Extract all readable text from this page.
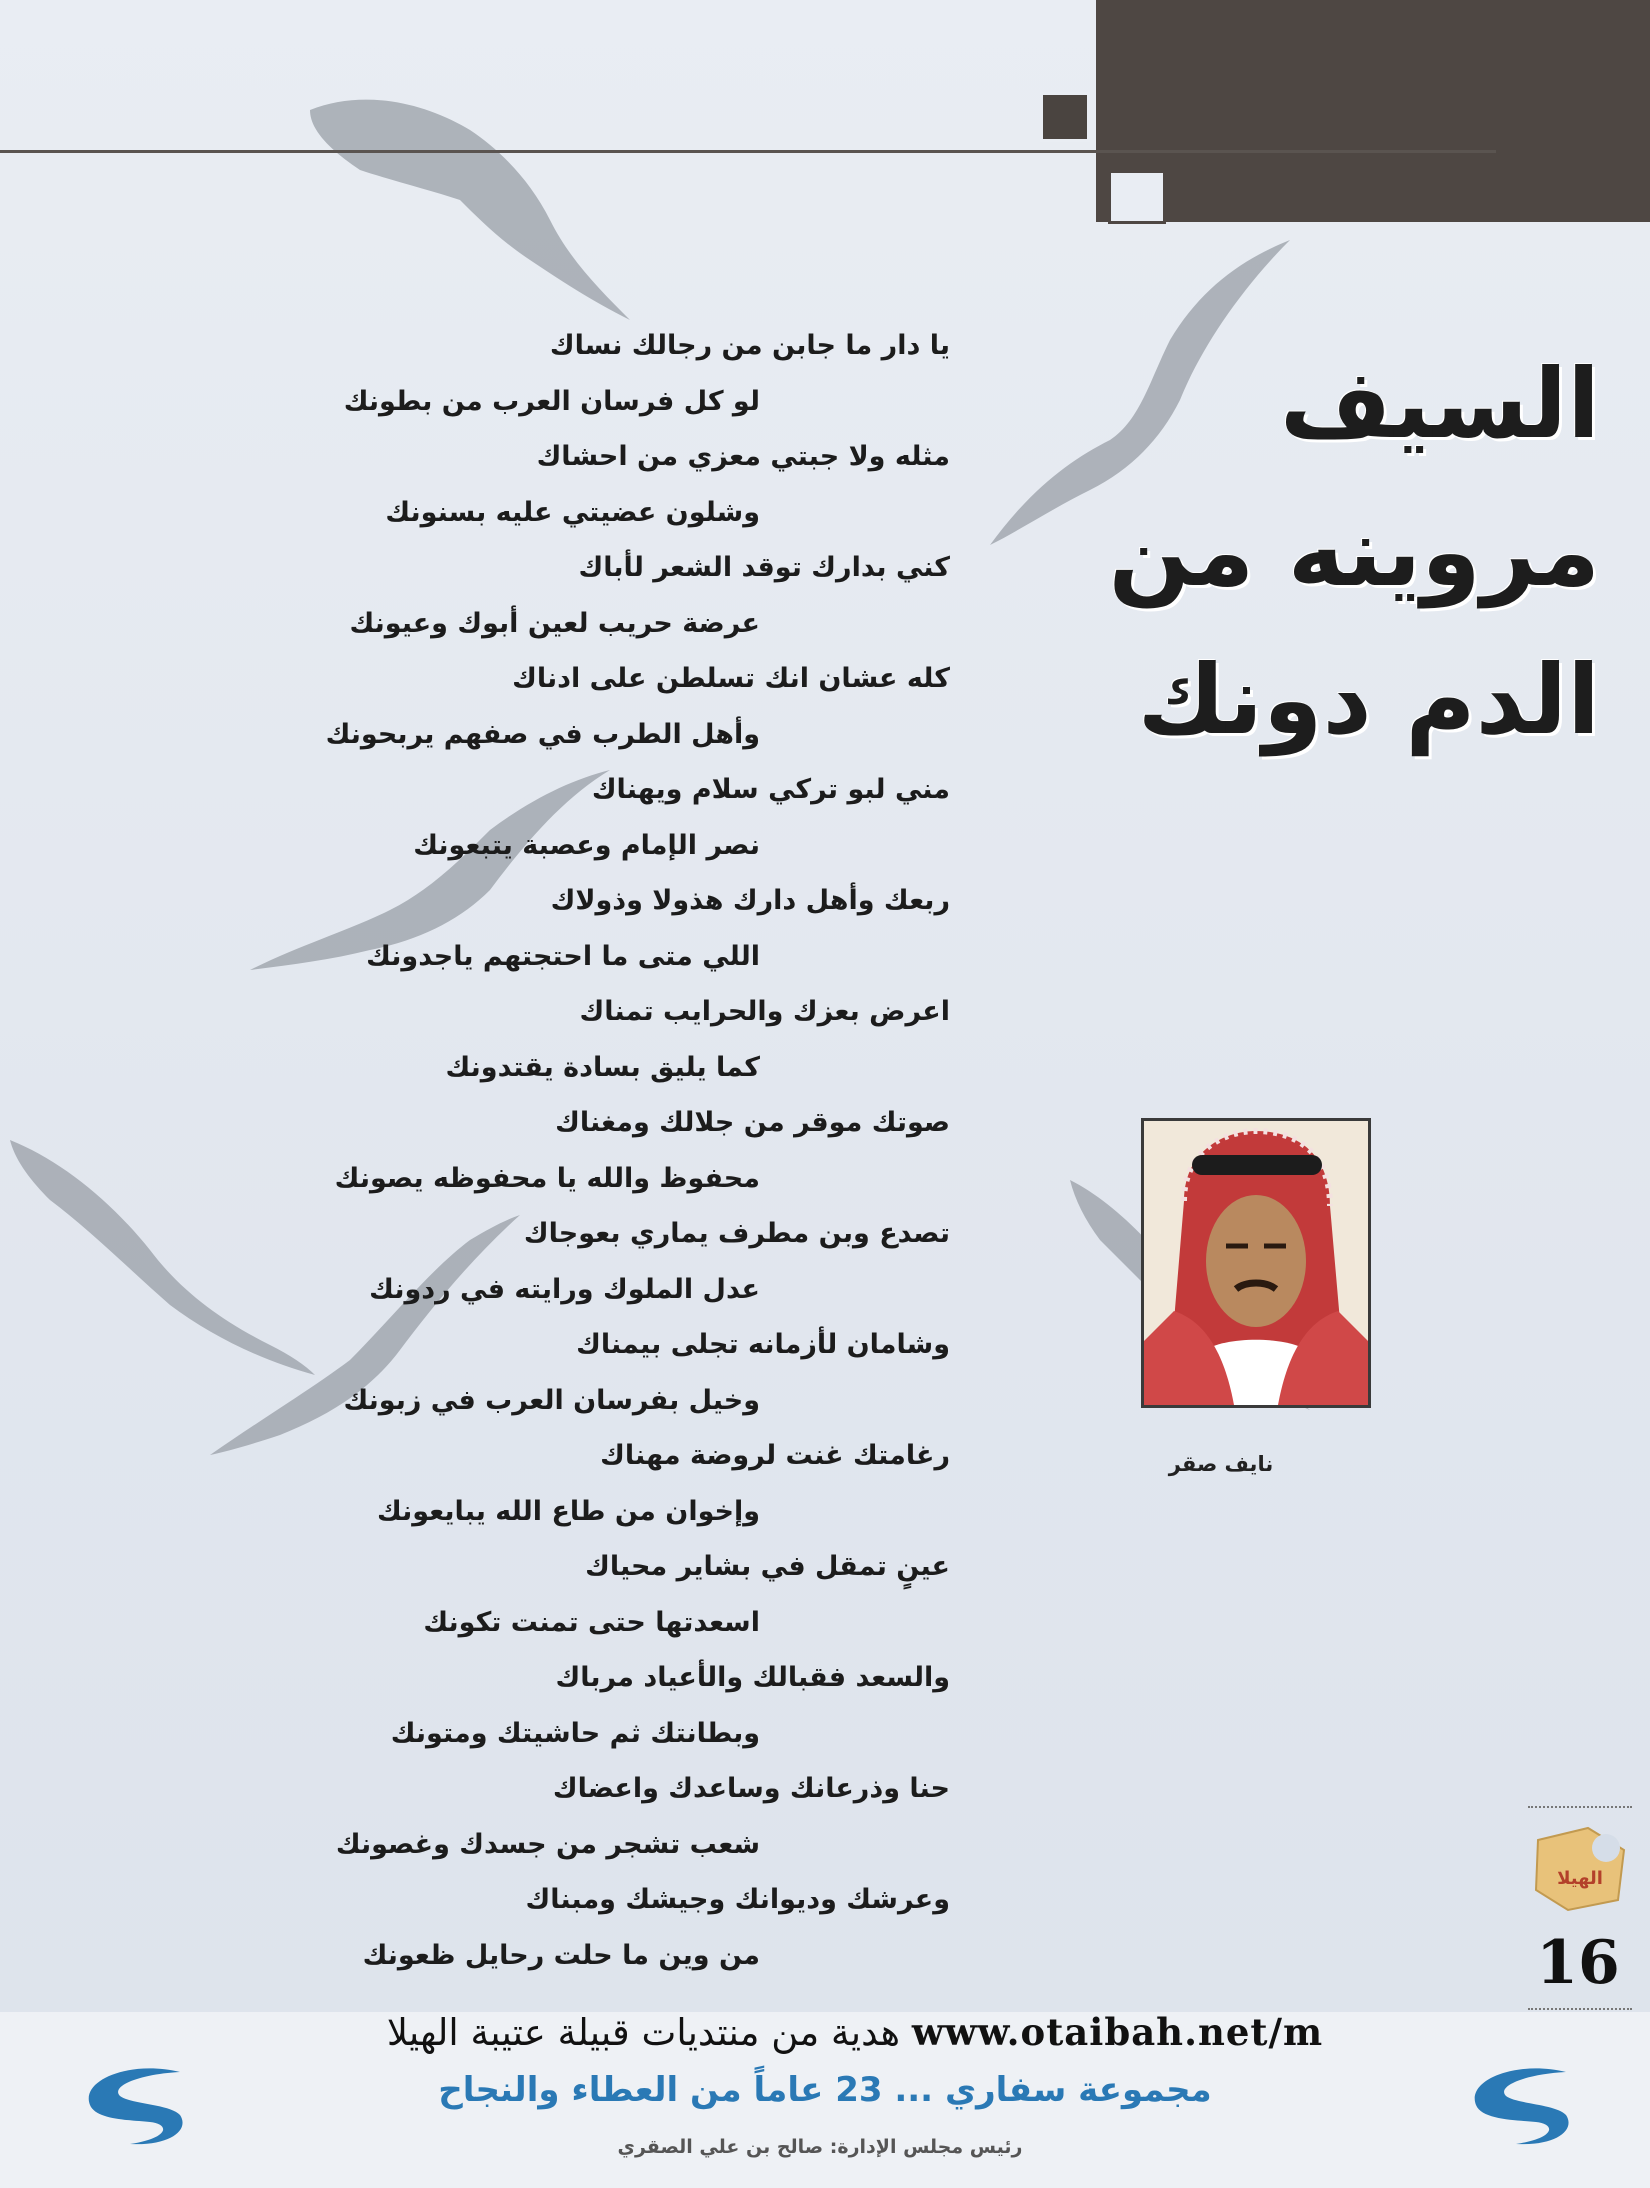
السيف
مروينه من
الدم دونك
يا دار ما جابن من رجالك نساك
لو كل فرسان العرب من بطونك
مثله ولا جبتي معزي من احشاك
وشلون عضيتي عليه بسنونك
كني بدارك توقد الشعر لأباك
عرضة حريب لعين أبوك وعيونك
كله عشان انك تسلطن على ادناك
وأهل الطرب في صفهم يربحونك
مني لبو تركي سلام ويهناك
نصر الإمام وعصبة يتبعونك
ربعك وأهل دارك هذولا وذولاك
اللي متى ما احتجتهم ياجدونك
اعرض بعزك والحرايب تمناك
كما يليق بسادة يقتدونك
صوتك موقر من جلالك ومغناك
محفوظ والله يا محفوظه يصونك
تصدع وبن مطرف يماري بعوجاك
عدل الملوك ورايته في ردونك
وشامان لأزمانه تجلى بيمناك
وخيل بفرسان العرب في زبونك
رغامتك غنت لروضة مهناك
وإخوان من طاع الله يبايعونك
عينٍ تمقل في بشاير محياك
اسعدتها حتى تمنت تكونك
والسعد فقبالك والأعياد مرباك
وبطانتك ثم حاشيتك ومتونك
حنا وذرعانك وساعدك واعضاك
شعب تشجر من جسدك وغصونك
وعرشك وديوانك وجيشك ومبناك
من وين ما حلت رحايل ظعونك
نايف صقر
الهيلا
16
هدية من منتديات قبيلة عتيبة الهيلا www.otaibah.net/m
مجموعة سفاري ... 23 عاماً من العطاء والنجاح
رئيس مجلس الإدارة: صالح بن علي الصقري
